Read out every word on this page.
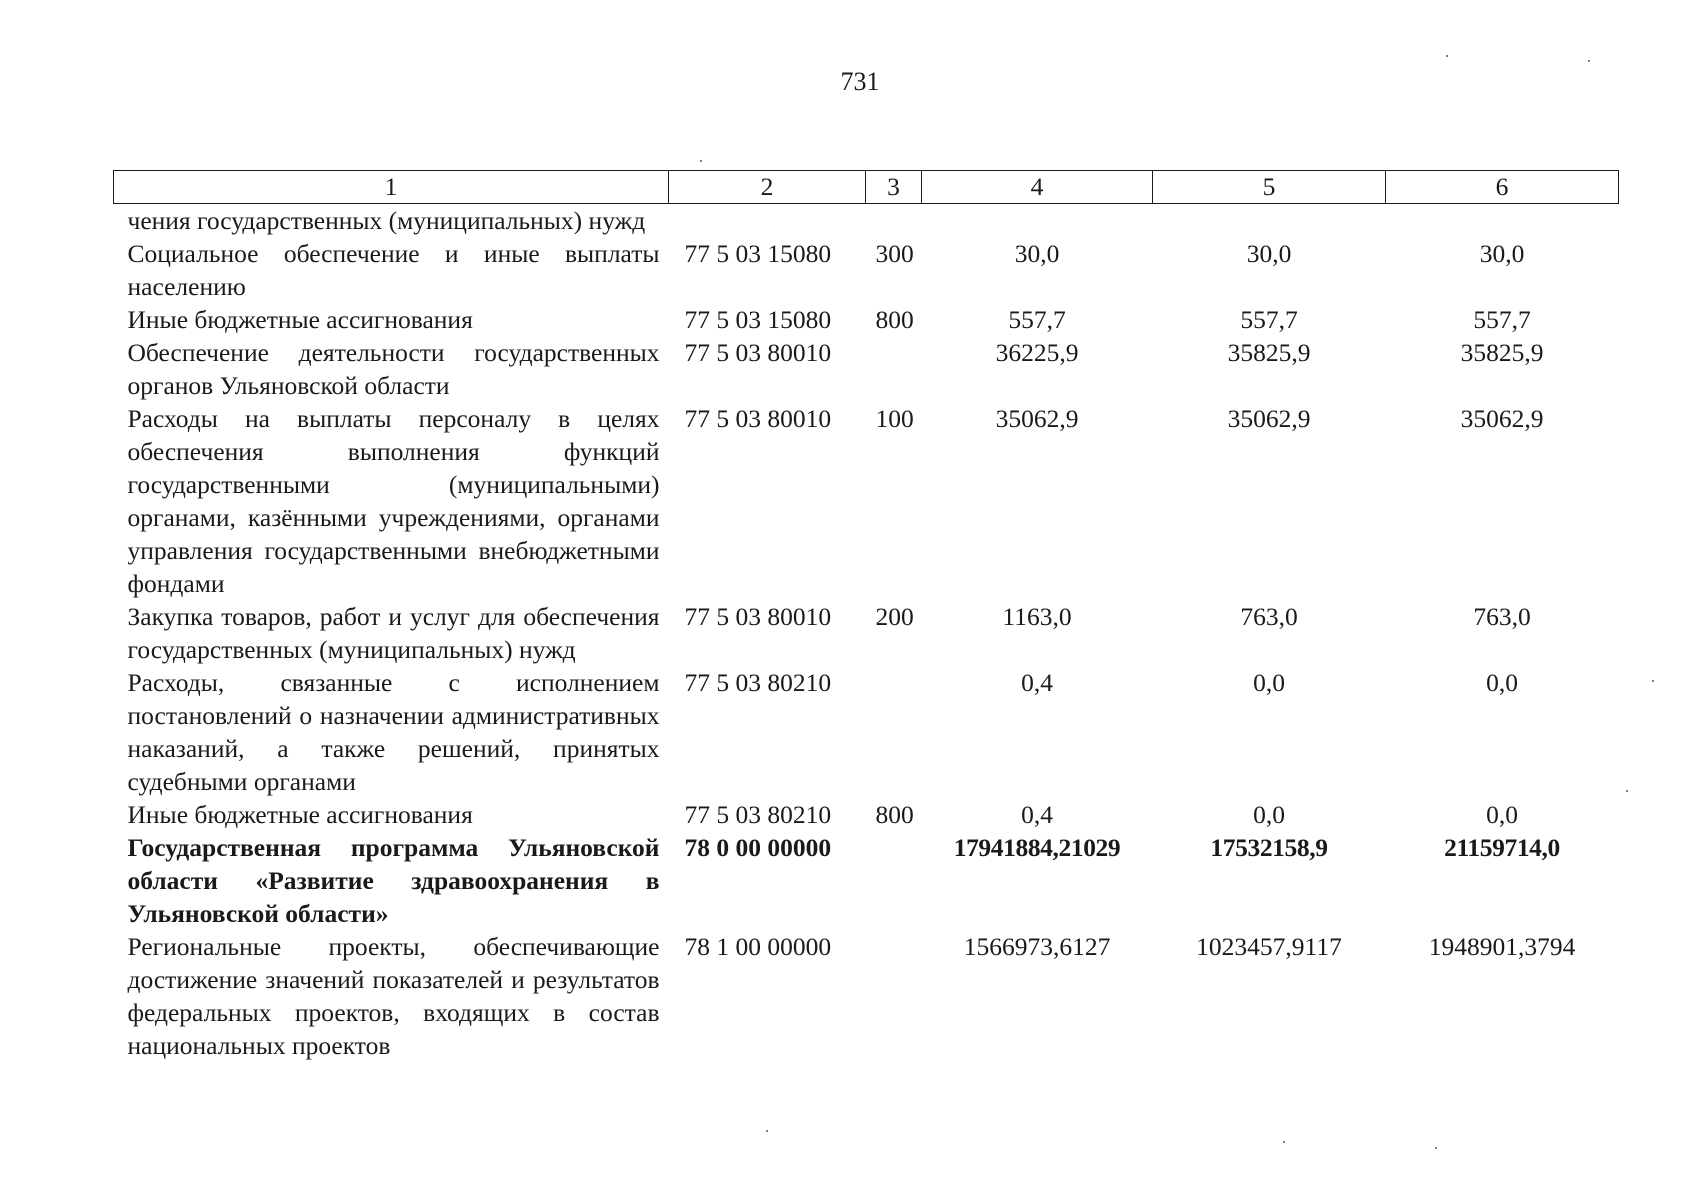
731
1	2	3	4	5	6
чения государственных (муниципальных) нужд					
Социальное обеспечение и иные выплаты населению	77 5 03 15080	300	30,0	30,0	30,0
Иные бюджетные ассигнования	77 5 03 15080	800	557,7	557,7	557,7
Обеспечение деятельности государственных органов Ульяновской области	77 5 03 80010		36225,9	35825,9	35825,9
Расходы на выплаты персоналу в целях обеспечения выполнения функций государственными (муниципальными) органами, казёнными учреждениями, органами управления государственными внебюджетными фондами	77 5 03 80010	100	35062,9	35062,9	35062,9
Закупка товаров, работ и услуг для обеспечения государственных (муниципальных) нужд	77 5 03 80010	200	1163,0	763,0	763,0
Расходы, связанные с исполнением постановлений о назначении административных наказаний, а также решений, принятых судебными органами	77 5 03 80210		0,4	0,0	0,0
Иные бюджетные ассигнования	77 5 03 80210	800	0,4	0,0	0,0
Государственная программа Ульяновской области «Развитие здравоохранения в Ульяновской области»	78 0 00 00000		17941884,21029	17532158,9	21159714,0
Региональные проекты, обеспечивающие достижение значений показателей и результатов федеральных проектов, входящих в состав национальных проектов	78 1 00 00000		1566973,6127	1023457,9117	1948901,3794
